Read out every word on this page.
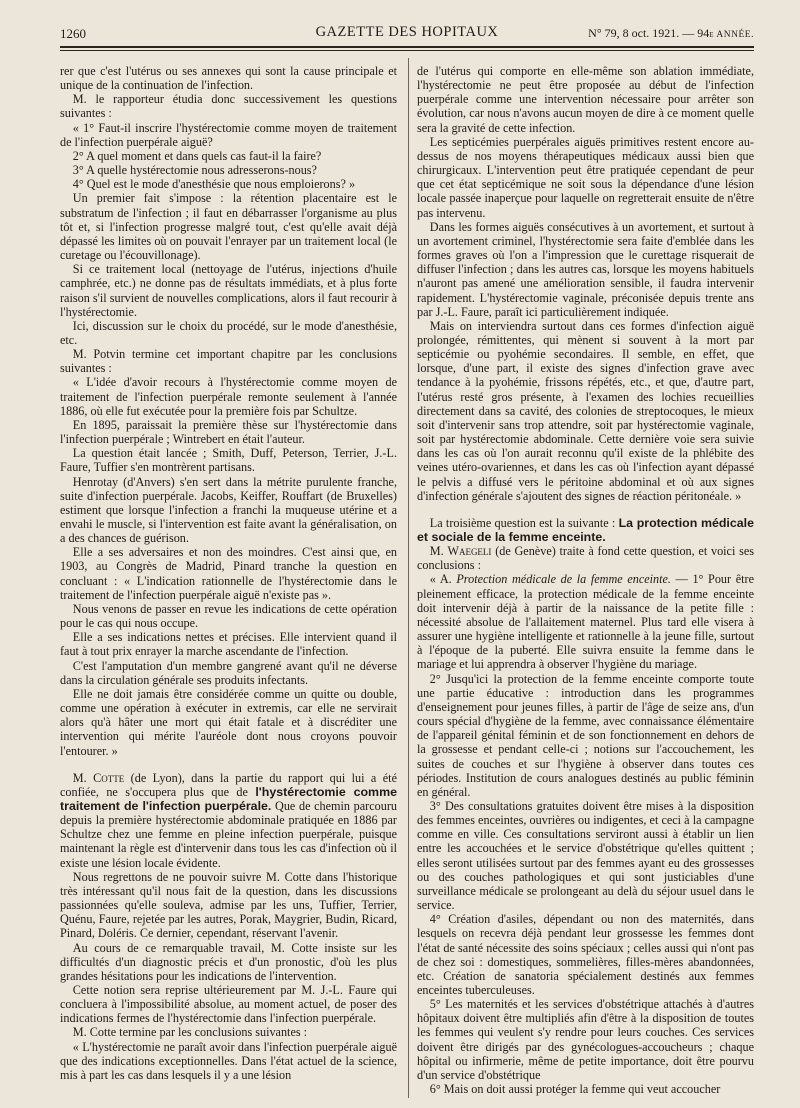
1260	GAZETTE DES HOPITAUX	N° 79, 8 oct. 1921. — 94e ANNÉE.

rer que c'est l'utérus ou ses annexes qui sont la cause principale et unique de la continuation de l'infection.

M. le rapporteur étudia donc successivement les questions suivantes :

« 1° Faut-il inscrire l'hystérectomie comme moyen de traitement de l'infection puerpérale aiguë?

2° A quel moment et dans quels cas faut-il la faire?

3° A quelle hystérectomie nous adresserons-nous?

4° Quel est le mode d'anesthésie que nous emploierons? »

Un premier fait s'impose : la rétention placentaire est le substratum de l'infection ; il faut en débarrasser l'organisme au plus tôt et, si l'infection progresse malgré tout, c'est qu'elle avait déjà dépassé les limites où on pouvait l'enrayer par un traitement local (le curetage ou l'écouvillonage).

Si ce traitement local (nettoyage de l'utérus, injections d'huile camphrée, etc.) ne donne pas de résultats immédiats, et à plus forte raison s'il survient de nouvelles complications, alors il faut recourir à l'hystérectomie.

Ici, discussion sur le choix du procédé, sur le mode d'anesthésie, etc.

M. Potvin termine cet important chapitre par les conclusions suivantes :

« L'idée d'avoir recours à l'hystérectomie comme moyen de traitement de l'infection puerpérale remonte seulement à l'année 1886, où elle fut exécutée pour la première fois par Schultze.

En 1895, paraissait la première thèse sur l'hystérectomie dans l'infection puerpérale ; Wintrebert en était l'auteur.

La question était lancée ; Smith, Duff, Peterson, Terrier, J.-L. Faure, Tuffier s'en montrèrent partisans.

Henrotay (d'Anvers) s'en sert dans la métrite purulente franche, suite d'infection puerpérale. Jacobs, Keiffer, Rouffart (de Bruxelles) estiment que lorsque l'infection a franchi la muqueuse utérine et a envahi le muscle, si l'intervention est faite avant la généralisation, on a des chances de guérison.

Elle a ses adversaires et non des moindres. C'est ainsi que, en 1903, au Congrès de Madrid, Pinard tranche la question en concluant : « L'indication rationnelle de l'hystérectomie dans le traitement de l'infection puerpérale aiguë n'existe pas ».

Nous venons de passer en revue les indications de cette opération pour le cas qui nous occupe.

Elle a ses indications nettes et précises. Elle intervient quand il faut à tout prix enrayer la marche ascendante de l'infection.

C'est l'amputation d'un membre gangrené avant qu'il ne déverse dans la circulation générale ses produits infectants.

Elle ne doit jamais être considérée comme un quitte ou double, comme une opération à exécuter in extremis, car elle ne servirait alors qu'à hâter une mort qui était fatale et à discréditer une intervention qui mérite l'auréole dont nous croyons pouvoir l'entourer. »

M. Cotte (de Lyon), dans la partie du rapport qui lui a été confiée, ne s'occupera plus que de l'hystérectomie comme traitement de l'infection puerpérale. Que de chemin parcouru depuis la première hystérectomie abdominale pratiquée en 1886 par Schultze chez une femme en pleine infection puerpérale, puisque maintenant la règle est d'intervenir dans tous les cas d'infection où il existe une lésion locale évidente.

Nous regrettons de ne pouvoir suivre M. Cotte dans l'historique très intéressant qu'il nous fait de la question, dans les discussions passionnées qu'elle souleva, admise par les uns, Tuffier, Terrier, Quénu, Faure, rejetée par les autres, Porak, Maygrier, Budin, Ricard, Pinard, Doléris. Ce dernier, cependant, réservant l'avenir.

Au cours de ce remarquable travail, M. Cotte insiste sur les difficultés d'un diagnostic précis et d'un pronostic, d'où les plus grandes hésitations pour les indications de l'intervention.

Cette notion sera reprise ultérieurement par M. J.-L. Faure qui concluera à l'impossibilité absolue, au moment actuel, de poser des indications fermes de l'hystérectomie dans l'infection puerpérale.

M. Cotte termine par les conclusions suivantes :

« L'hystérectomie ne paraît avoir dans l'infection puerpérale aiguë que des indications exceptionnelles. Dans l'état actuel de la science, mis à part les cas dans lesquels il y a une lésion

de l'utérus qui comporte en elle-même son ablation immédiate, l'hystérectomie ne peut être proposée au début de l'infection puerpérale comme une intervention nécessaire pour arrêter son évolution, car nous n'avons aucun moyen de dire à ce moment quelle sera la gravité de cette infection.

Les septicémies puerpérales aiguës primitives restent encore au-dessus de nos moyens thérapeutiques médicaux aussi bien que chirurgicaux. L'intervention peut être pratiquée cependant de peur que cet état septicémique ne soit sous la dépendance d'une lésion locale passée inaperçue pour laquelle on regretterait ensuite de n'être pas intervenu.

Dans les formes aiguës consécutives à un avortement, et surtout à un avortement criminel, l'hystérectomie sera faite d'emblée dans les formes graves où l'on a l'impression que le curettage risquerait de diffuser l'infection ; dans les autres cas, lorsque les moyens habituels n'auront pas amené une amélioration sensible, il faudra intervenir rapidement. L'hystérectomie vaginale, préconisée depuis trente ans par J.-L. Faure, paraît ici particulièrement indiquée.

Mais on interviendra surtout dans ces formes d'infection aiguë prolongée, rémittentes, qui mènent si souvent à la mort par septicémie ou pyohémie secondaires. Il semble, en effet, que lorsque, d'une part, il existe des signes d'infection grave avec tendance à la pyohémie, frissons répétés, etc., et que, d'autre part, l'utérus resté gros présente, à l'examen des lochies recueillies directement dans sa cavité, des colonies de streptocoques, le mieux soit d'intervenir sans trop attendre, soit par hystérectomie vaginale, soit par hystérectomie abdominale. Cette dernière voie sera suivie dans les cas où l'on aurait reconnu qu'il existe de la phlébite des veines utéro-ovariennes, et dans les cas où l'infection ayant dépassé le pelvis a diffusé vers le péritoine abdominal et où aux signes d'infection générale s'ajoutent des signes de réaction péritonéale. »

La troisième question est la suivante : La protection médicale et sociale de la femme enceinte.

M. Waegeli (de Genève) traite à fond cette question, et voici ses conclusions :

« A. Protection médicale de la femme enceinte. — 1° Pour être pleinement efficace, la protection médicale de la femme enceinte doit intervenir déjà à partir de la naissance de la petite fille : nécessité absolue de l'allaitement maternel. Plus tard elle visera à assurer une hygiène intelligente et rationnelle à la jeune fille, surtout à l'époque de la puberté. Elle suivra ensuite la femme dans le mariage et lui apprendra à observer l'hygiène du mariage.

2° Jusqu'ici la protection de la femme enceinte comporte toute une partie éducative : introduction dans les programmes d'enseignement pour jeunes filles, à partir de l'âge de seize ans, d'un cours spécial d'hygiène de la femme, avec connaissance élémentaire de l'appareil génital féminin et de son fonctionnement en dehors de la grossesse et pendant celle-ci ; notions sur l'accouchement, les suites de couches et sur l'hygiène à observer dans toutes ces périodes. Institution de cours analogues destinés au public féminin en général.

3° Des consultations gratuites doivent être mises à la disposition des femmes enceintes, ouvrières ou indigentes, et ceci à la campagne comme en ville. Ces consultations serviront aussi à établir un lien entre les accouchées et le service d'obstétrique qu'elles quittent ; elles seront utilisées surtout par des femmes ayant eu des grossesses ou des couches pathologiques et qui sont justiciables d'une surveillance médicale se prolongeant au delà du séjour usuel dans le service.

4° Création d'asiles, dépendant ou non des maternités, dans lesquels on recevra déjà pendant leur grossesse les femmes dont l'état de santé nécessite des soins spéciaux ; celles aussi qui n'ont pas de chez soi : domestiques, sommelières, filles-mères abandonnées, etc. Création de sanatoria spécialement destinés aux femmes enceintes tuberculeuses.

5° Les maternités et les services d'obstétrique attachés à d'autres hôpitaux doivent être multipliés afin d'être à la disposition de toutes les femmes qui veulent s'y rendre pour leurs couches. Ces services doivent être dirigés par des gynécologues-accoucheurs ; chaque hôpital ou infirmerie, même de petite importance, doit être pourvu d'un service d'obstétrique

6° Mais on doit aussi protéger la femme qui veut accoucher
